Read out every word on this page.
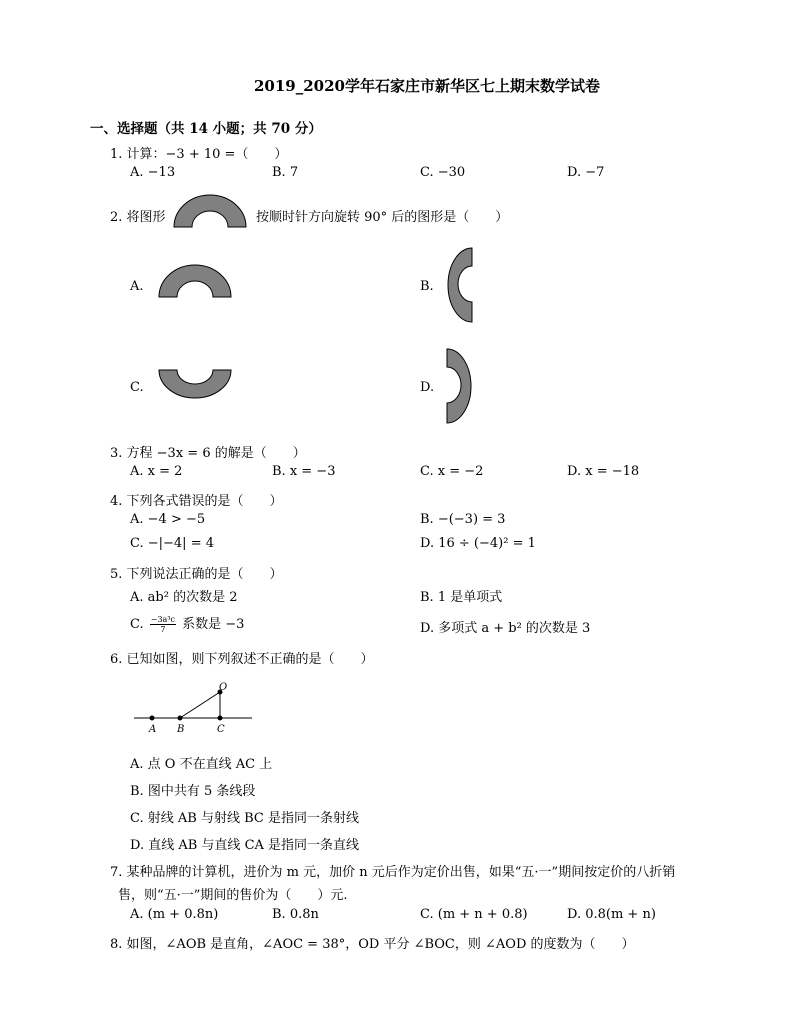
2019_2020学年石家庄市新华区七上期末数学试卷
一、选择题（共 14 小题；共 70 分）
1. 计算：−3 + 10 =（　　）
A. −13	B. 7	C. −30	D. −7
2. 将图形	按顺时针方向旋转 90° 后的图形是（　　）
A.	B.
C.	D.
3. 方程 −3x = 6 的解是（　　）
A. x = 2	B. x = −3	C. x = −2	D. x = −18
4. 下列各式错误的是（　　）
A. −4 > −5	B. −(−3) = 3
C. −|−4| = 4	D. 16 ÷ (−4)² = 1
5. 下列说法正确的是（　　）
A. ab² 的次数是 2	B. 1 是单项式
C. $\frac{\text{−3a³c}}{7}$ 系数是 −3	D. 多项式 a + b² 的次数是 3
6. 已知如图，则下列叙述不正确的是（　　）
O
A B	C
A. 点 O 不在直线 AC 上
B. 图中共有 5 条线段
C. 射线 AB 与射线 BC 是指同一条射线
D. 直线 AB 与直线 CA 是指同一条直线
7. 某种品牌的计算机，进价为 m 元，加价 n 元后作为定价出售，如果“五·一”期间按定价的八折销
售，则“五·一”期间的售价为（　　）元.
A. (m + 0.8n)	B. 0.8n	C. (m + n + 0.8)	D. 0.8(m + n)
8. 如图，∠AOB 是直角，∠AOC = 38°，OD 平分 ∠BOC，则 ∠AOD 的度数为（　　）
